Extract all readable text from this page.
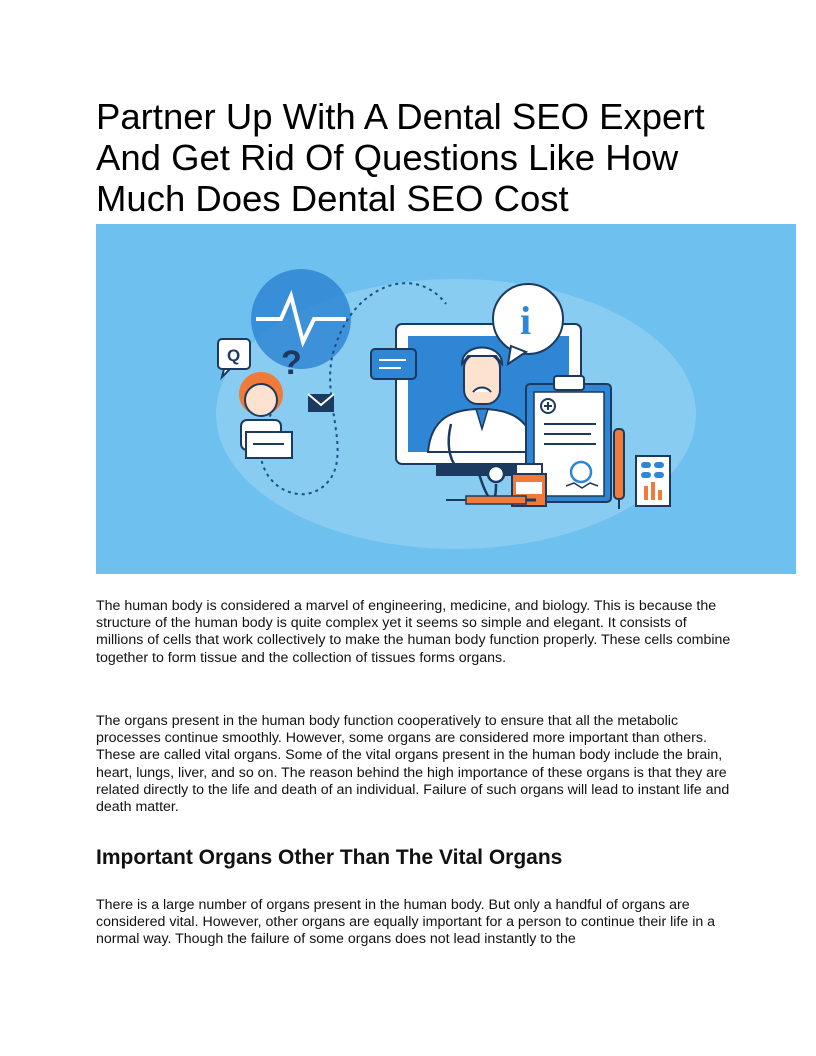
Partner Up With A Dental SEO Expert And Get Rid Of Questions Like How Much Does Dental SEO Cost
?
Q
i

The human body is considered a marvel of engineering, medicine, and biology. This is because the structure of the human body is quite complex yet it seems so simple and elegant. It consists of millions of cells that work collectively to make the human body function properly. These cells combine together to form tissue and the collection of tissues forms organs.

The organs present in the human body function cooperatively to ensure that all the metabolic processes continue smoothly. However, some organs are considered more important than others. These are called vital organs. Some of the vital organs present in the human body include the brain, heart, lungs, liver, and so on. The reason behind the high importance of these organs is that they are related directly to the life and death of an individual. Failure of such organs will lead to instant life and death matter.

Important Organs Other Than The Vital Organs

There is a large number of organs present in the human body. But only a handful of organs are considered vital. However, other organs are equally important for a person to continue their life in a normal way. Though the failure of some organs does not lead instantly to the
